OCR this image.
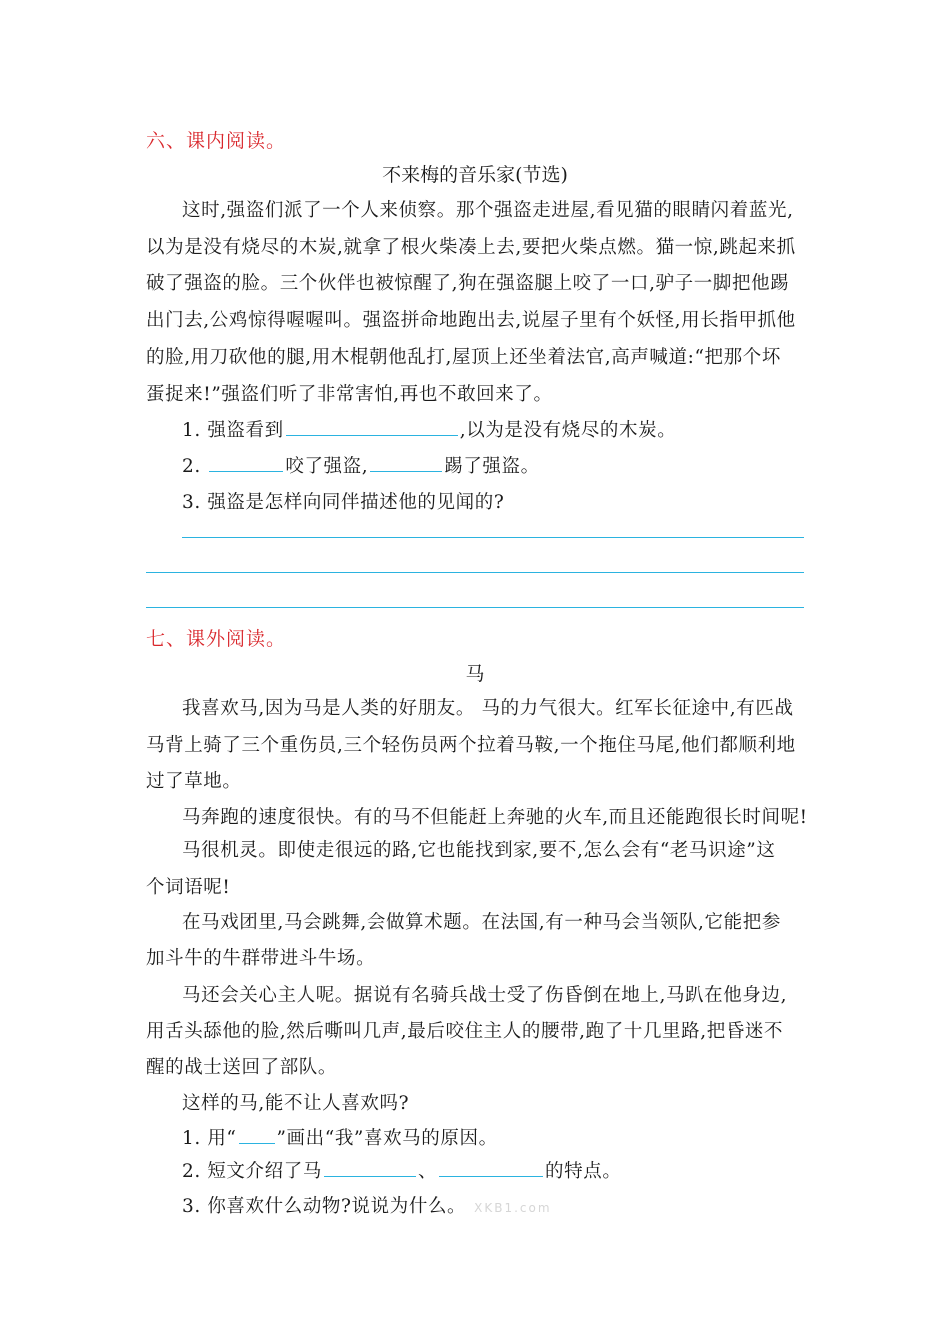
六、课内阅读。
不来梅的音乐家(节选)
这时,强盗们派了一个人来侦察。那个强盗走进屋,看见猫的眼睛闪着蓝光,
以为是没有烧尽的木炭,就拿了根火柴凑上去,要把火柴点燃。猫一惊,跳起来抓
破了强盗的脸。三个伙伴也被惊醒了,狗在强盗腿上咬了一口,驴子一脚把他踢
出门去,公鸡惊得喔喔叫。强盗拼命地跑出去,说屋子里有个妖怪,用长指甲抓他
的脸,用刀砍他的腿,用木棍朝他乱打,屋顶上还坐着法官,高声喊道:“把那个坏
蛋捉来!”强盗们听了非常害怕,再也不敢回来了。
1. 强盗看到	,以为是没有烧尽的木炭。
2.	咬了强盗,	踢了强盗。
3. 强盗是怎样向同伴描述他的见闻的?
七、课外阅读。
马
我喜欢马,因为马是人类的好朋友。 马的力气很大。红军长征途中,有匹战
马背上骑了三个重伤员,三个轻伤员两个拉着马鞍,一个拖住马尾,他们都顺利地
过了草地。
马奔跑的速度很快。有的马不但能赶上奔驰的火车,而且还能跑很长时间呢!
马很机灵。即使走很远的路,它也能找到家,要不,怎么会有“老马识途”这
个词语呢!
在马戏团里,马会跳舞,会做算术题。在法国,有一种马会当领队,它能把参
加斗牛的牛群带进斗牛场。
马还会关心主人呢。据说有名骑兵战士受了伤昏倒在地上,马趴在他身边,
用舌头舔他的脸,然后嘶叫几声,最后咬住主人的腰带,跑了十几里路,把昏迷不
醒的战士送回了部队。
这样的马,能不让人喜欢吗?
1. 用“ ”画出“我”喜欢马的原因。
2. 短文介绍了马	、	的特点。
3. 你喜欢什么动物?说说为什么。 XKB1.com
